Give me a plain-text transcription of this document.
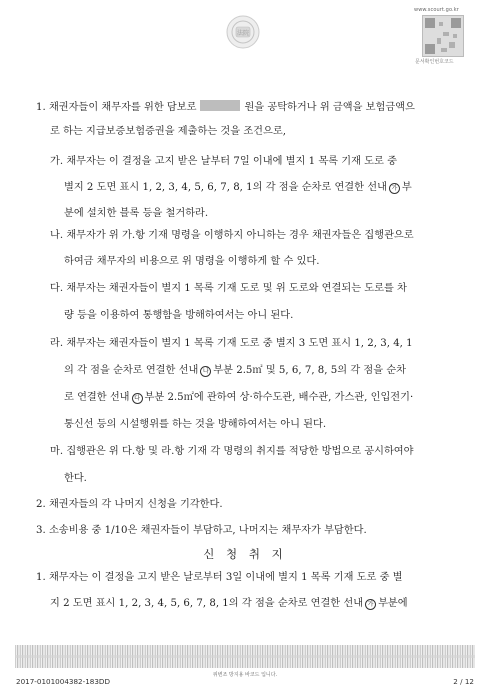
法院
www.scourt.go.kr
문서확인번호코드
1. 채권자들이 채무자를 위한 담보로	원을 공탁하거나 위 금액을 보험금액으
로 하는 지급보증보험증권을 제출하는 것을 조건으로,
가. 채무자는 이 결정을 고지 받은 날부터 7일 이내에 별지 1 목록 기재 도로 중
별지 2 도면 표시 1, 2, 3, 4, 5, 6, 7, 8, 1의 각 점을 순차로 연결한 선내 가 부
분에 설치한 블록 등을 철거하라.
나. 채무자가 위 가.항 기재 명령을 이행하지 아니하는 경우 채권자들은 집행관으로
하여금 채무자의 비용으로 위 명령을 이행하게 할 수 있다.
다. 채무자는 채권자들이 별지 1 목록 기재 도로 및 위 도로와 연결되는 도로를 차
량 등을 이용하여 통행함을 방해하여서는 아니 된다.
라. 채무자는 채권자들이 별지 1 목록 기재 도로 중 별지 3 도면 표시 1, 2, 3, 4, 1
의 각 점을 순차로 연결한 선내 나 부분 2.5㎡ 및 5, 6, 7, 8, 5의 각 점을 순차
로 연결한 선내 다 부분 2.5㎡에 관하여 상·하수도관, 배수관, 가스관, 인입전기·
통신선 등의 시설행위를 하는 것을 방해하여서는 아니 된다.
마. 집행관은 위 다.항 및 라.항 기재 각 명령의 취지를 적당한 방법으로 공시하여야
한다.
2. 채권자들의 각 나머지 신청을 기각한다.
3. 소송비용 중 1/10은 채권자들이 부담하고, 나머지는 채무자가 부담한다.
신 청 취 지
1. 채무자는 이 결정을 고지 받은 날로부터 3일 이내에 별지 1 목록 기재 도로 중 별
지 2 도면 표시 1, 2, 3, 4, 5, 6, 7, 8, 1의 각 점을 순차로 연결한 선내 가 부분에
2017-0101004382-183DD
위변조 방지용 바코드 입니다.
2 / 12
